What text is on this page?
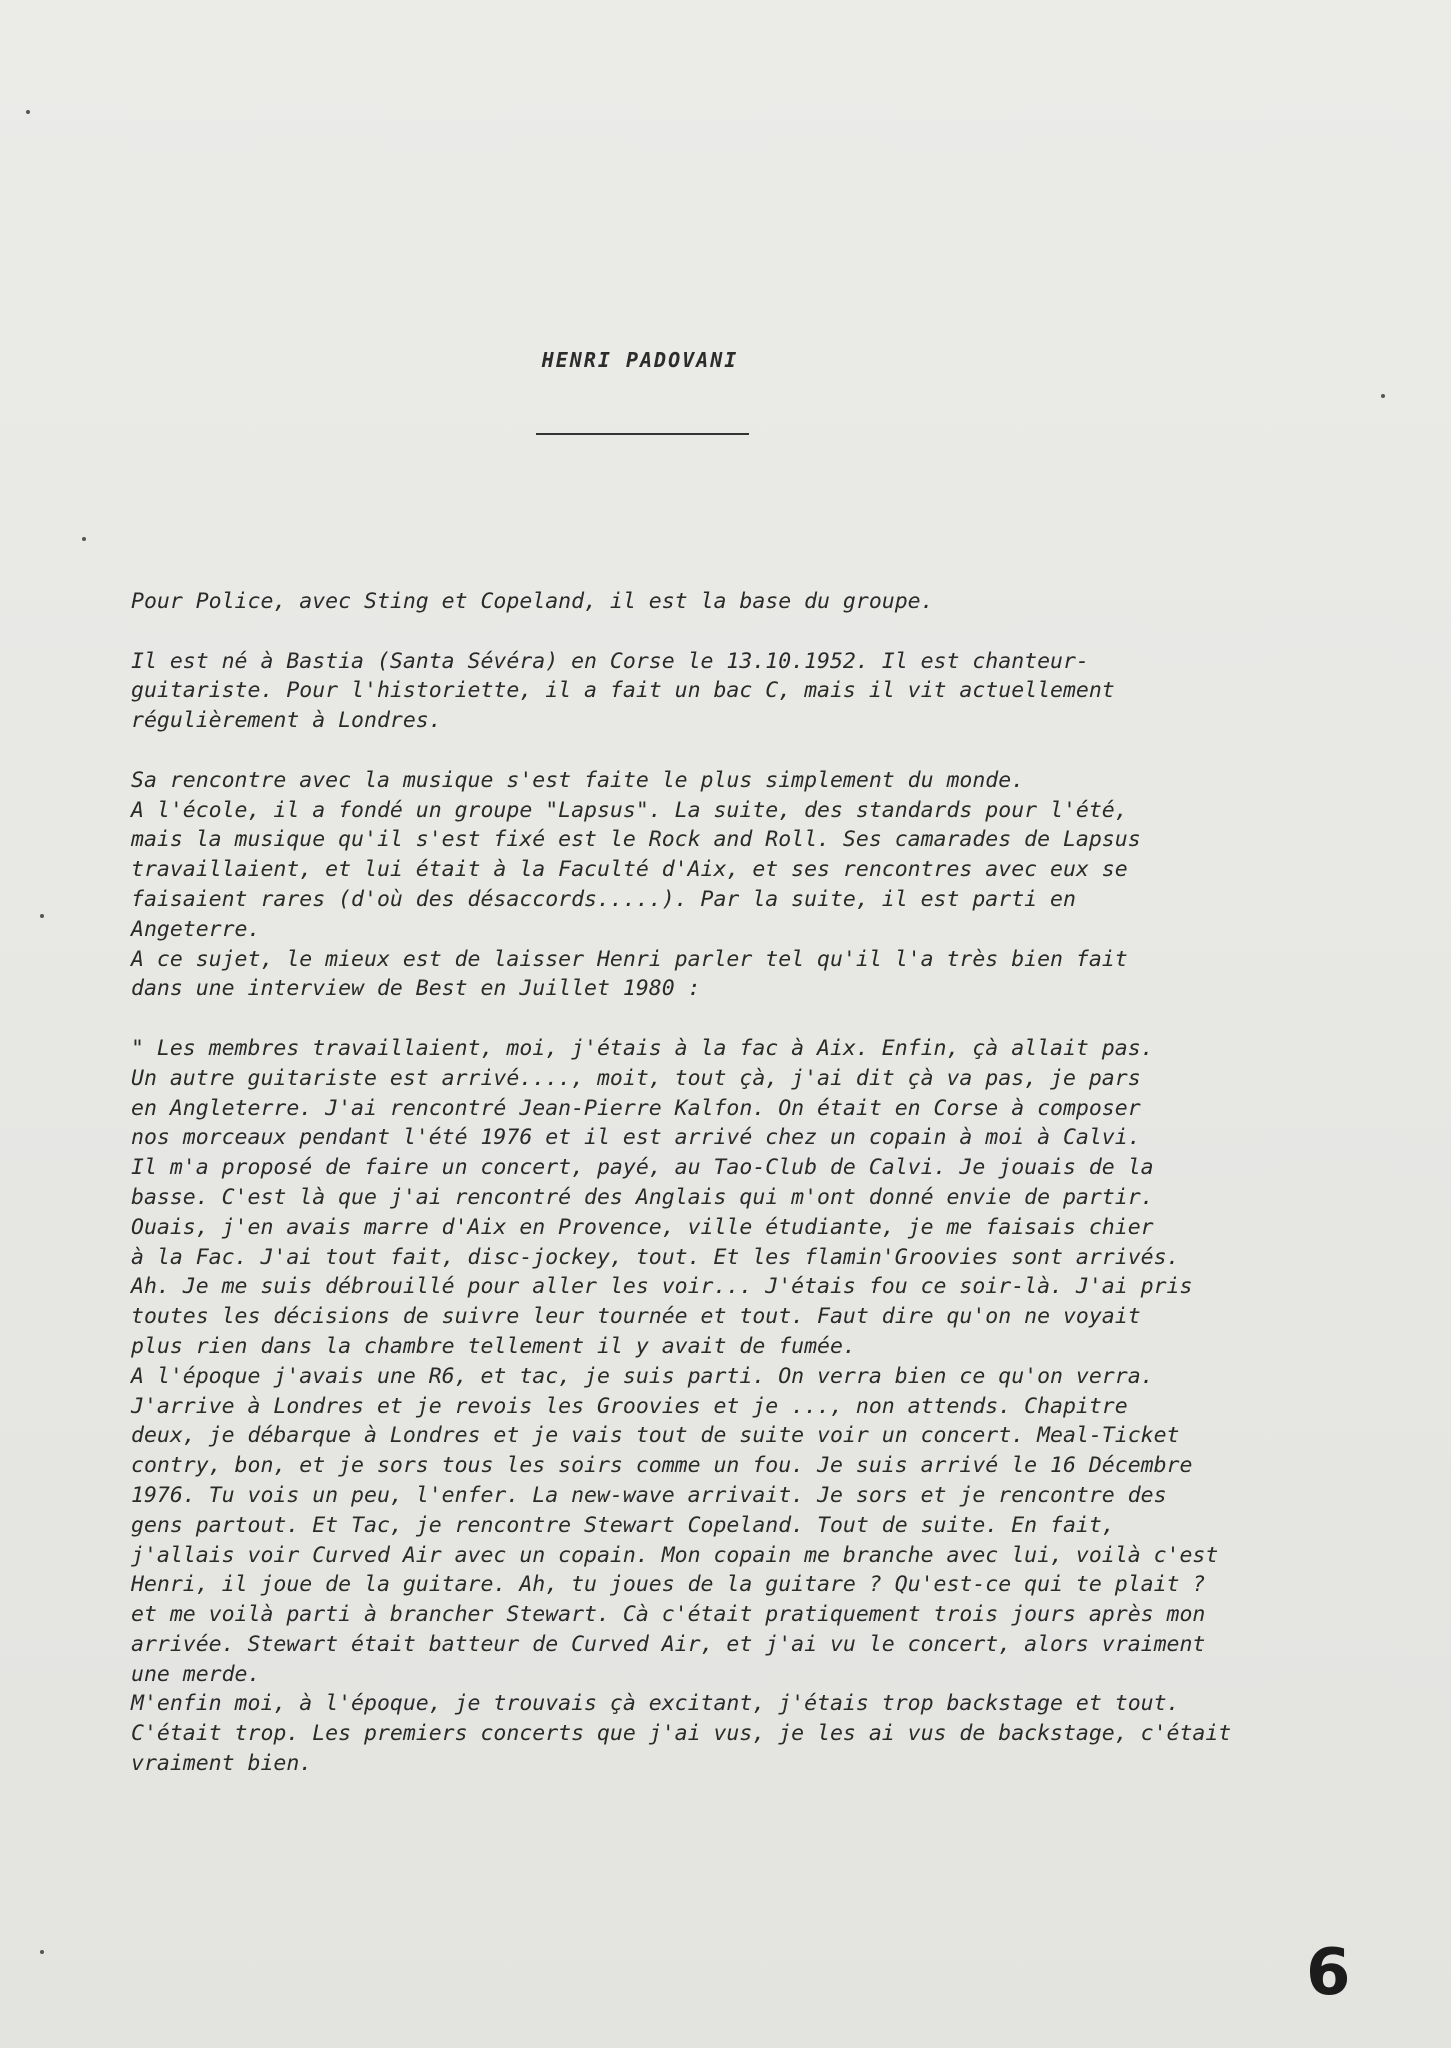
HENRI PADOVANI
Pour Police, avec Sting et Copeland, il est la base du groupe.
Il est né à Bastia (Santa Sévéra) en Corse le 13.10.1952. Il est chanteur-
guitariste. Pour l'historiette, il a fait un bac C, mais il vit actuellement
régulièrement à Londres.
Sa rencontre avec la musique s'est faite le plus simplement du monde.
A l'école, il a fondé un groupe "Lapsus". La suite, des standards pour l'été,
mais la musique qu'il s'est fixé est le Rock and Roll. Ses camarades de Lapsus
travaillaient, et lui était à la Faculté d'Aix, et ses rencontres avec eux se
faisaient rares (d'où des désaccords.....). Par la suite, il est parti en
Angeterre.
A ce sujet, le mieux est de laisser Henri parler tel qu'il l'a très bien fait
dans une interview de Best en Juillet 1980 :
" Les membres travaillaient, moi, j'étais à la fac à Aix. Enfin, çà allait pas.
Un autre guitariste est arrivé...., moit, tout çà, j'ai dit çà va pas, je pars
en Angleterre. J'ai rencontré Jean-Pierre Kalfon. On était en Corse à composer
nos morceaux pendant l'été 1976 et il est arrivé chez un copain à moi à Calvi.
Il m'a proposé de faire un concert, payé, au Tao-Club de Calvi. Je jouais de la
basse. C'est là que j'ai rencontré des Anglais qui m'ont donné envie de partir.
Ouais, j'en avais marre d'Aix en Provence, ville étudiante, je me faisais chier
à la Fac. J'ai tout fait, disc-jockey, tout. Et les flamin'Groovies sont arrivés.
Ah. Je me suis débrouillé pour aller les voir... J'étais fou ce soir-là. J'ai pris
toutes les décisions de suivre leur tournée et tout. Faut dire qu'on ne voyait
plus rien dans la chambre tellement il y avait de fumée.
A l'époque j'avais une R6, et tac, je suis parti. On verra bien ce qu'on verra.
J'arrive à Londres et je revois les Groovies et je ..., non attends. Chapitre
deux, je débarque à Londres et je vais tout de suite voir un concert. Meal-Ticket
contry, bon, et je sors tous les soirs comme un fou. Je suis arrivé le 16 Décembre
1976. Tu vois un peu, l'enfer. La new-wave arrivait. Je sors et je rencontre des
gens partout. Et Tac, je rencontre Stewart Copeland. Tout de suite. En fait,
j'allais voir Curved Air avec un copain. Mon copain me branche avec lui, voilà c'est
Henri, il joue de la guitare. Ah, tu joues de la guitare ? Qu'est-ce qui te plait ?
et me voilà parti à brancher Stewart. Cà c'était pratiquement trois jours après mon
arrivée. Stewart était batteur de Curved Air, et j'ai vu le concert, alors vraiment
une merde.
M'enfin moi, à l'époque, je trouvais çà excitant, j'étais trop backstage et tout.
C'était trop. Les premiers concerts que j'ai vus, je les ai vus de backstage, c'était
vraiment bien.
6
